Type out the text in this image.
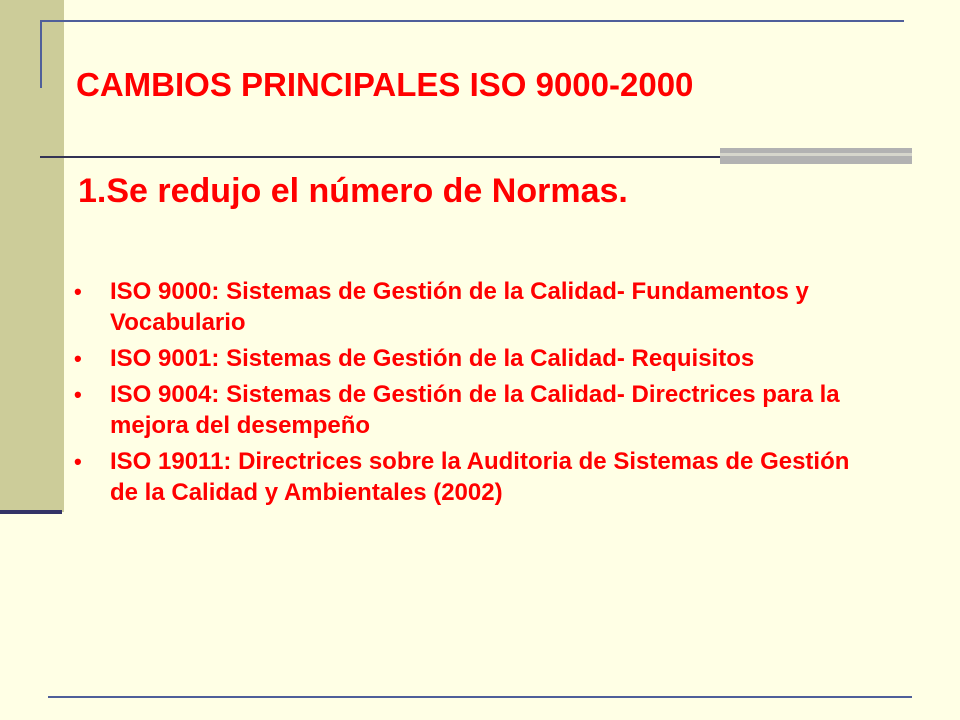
CAMBIOS PRINCIPALES ISO 9000-2000
1.Se redujo el número de Normas.
• ISO 9000: Sistemas de Gestión de la Calidad- Fundamentos y Vocabulario
• ISO 9001: Sistemas de Gestión de la Calidad- Requisitos
• ISO 9004: Sistemas de Gestión de la Calidad- Directrices para la mejora del desempeño
• ISO 19011: Directrices sobre la Auditoria de Sistemas de Gestión de la Calidad y Ambientales (2002)
